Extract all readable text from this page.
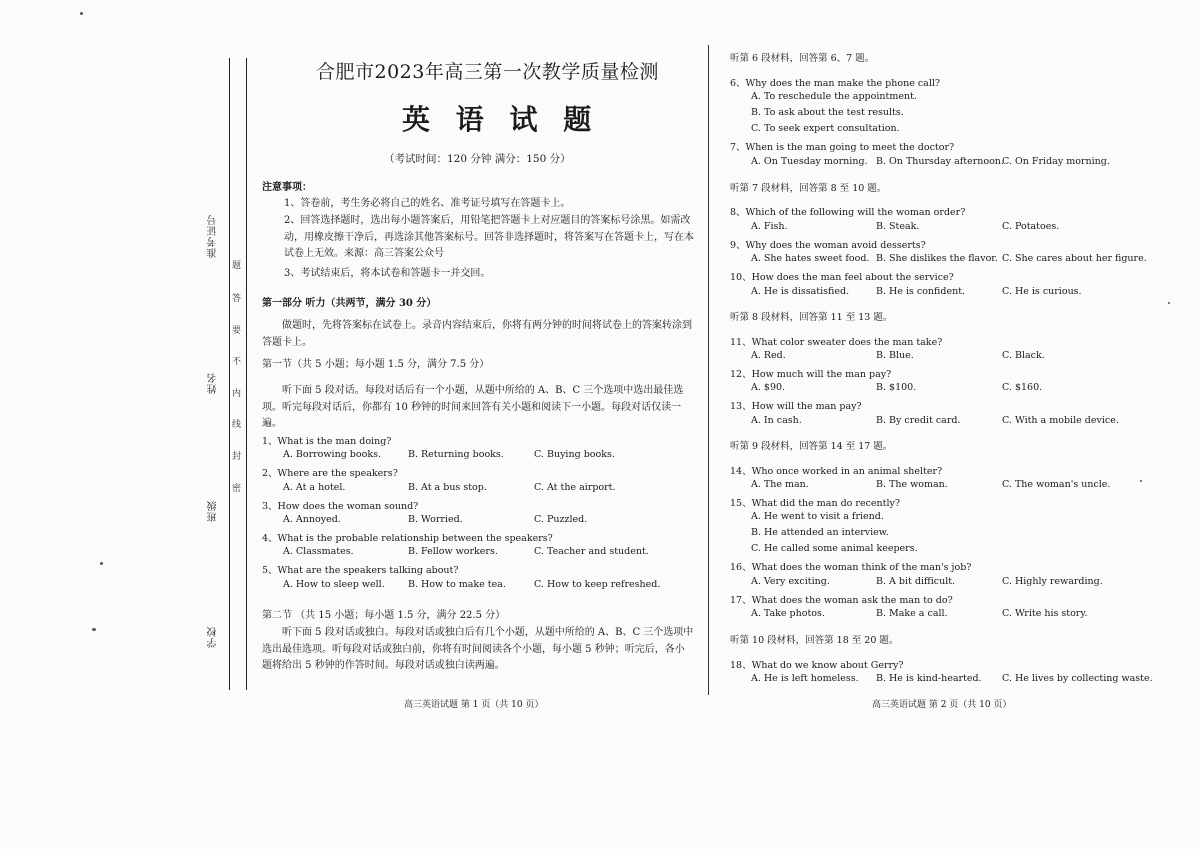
准考证号
姓名
班级
学校
题
答
要
不
内
线
封
密
合肥市2023年高三第一次教学质量检测
英 语 试 题
（考试时间：120 分钟 满分：150 分）
注意事项：
1、答卷前，考生务必将自己的姓名、准考证号填写在答题卡上。
2、回答选择题时，选出每小题答案后，用铅笔把答题卡上对应题目的答案标号涂黑。如需改动，用橡皮擦干净后，再选涂其他答案标号。回答非选择题时，将答案写在答题卡上，写在本试卷上无效。来源：高三答案公众号
3、考试结束后，将本试卷和答题卡一并交回。
第一部分 听力（共两节，满分 30 分）
做题时，先将答案标在试卷上。录音内容结束后，你将有两分钟的时间将试卷上的答案转涂到答题卡上。
第一节（共 5 小题；每小题 1.5 分，满分 7.5 分）
听下面 5 段对话。每段对话后有一个小题，从题中所给的 A、B、C 三个选项中选出最佳选项。听完每段对话后，你都有 10 秒钟的时间来回答有关小题和阅读下一小题。每段对话仅读一遍。
1、What is the man doing?
A. Borrowing books.	B. Returning books.	C. Buying books.
2、Where are the speakers?
A. At a hotel.	B. At a bus stop.	C. At the airport.
3、How does the woman sound?
A. Annoyed.	B. Worried.	C. Puzzled.
4、What is the probable relationship between the speakers?
A. Classmates.	B. Fellow workers.	C. Teacher and student.
5、What are the speakers talking about?
A. How to sleep well. B. How to make tea.	C. How to keep refreshed.
第二节 （共 15 小题；每小题 1.5 分，满分 22.5 分）
听下面 5 段对话或独白。每段对话或独白后有几个小题，从题中所给的 A、B、C 三个选项中选出最佳选项。听每段对话或独白前，你将有时间阅读各个小题，每小题 5 秒钟；听完后，各小题将给出 5 秒钟的作答时间。每段对话或独白读两遍。
高三英语试题 第 1 页（共 10 页）
听第 6 段材料，回答第 6、7 题。
6、Why does the man make the phone call?
A. To reschedule the appointment.
B. To ask about the test results.
C. To seek expert consultation.
7、When is the man going to meet the doctor?
A. On Tuesday morning. B. On Thursday afternoon.
C. On Friday morning.
听第 7 段材料，回答第 8 至 10 题。
8、Which of the following will the woman order?
A. Fish.	B. Steak.	C. Potatoes.
9、Why does the woman avoid desserts?
A. She hates sweet food. B. She dislikes the flavor. C. She cares about her figure.
10、How does the man feel about the service?
A. He is dissatisfied.	B. He is confident.	C. He is curious.
听第 8 段材料，回答第 11 至 13 题。
11、What color sweater does the man take?
A. Red.	B. Blue.	C. Black.
12、How much will the man pay?
A. $90.	B. $100.	C. $160.
13、How will the man pay?
A. In cash.	B. By credit card.	C. With a mobile device.
听第 9 段材料，回答第 14 至 17 题。
14、Who once worked in an animal shelter?
A. The man.	B. The woman.	C. The woman's uncle.
15、What did the man do recently?
A. He went to visit a friend.
B. He attended an interview.
C. He called some animal keepers.
16、What does the woman think of the man's job?
A. Very exciting.	B. A bit difficult.	C. Highly rewarding.
17、What does the woman ask the man to do?
A. Take photos.	B. Make a call.	C. Write his story.
听第 10 段材料，回答第 18 至 20 题。
18、What do we know about Gerry?
A. He is left homeless. B. He is kind-hearted. C. He lives by collecting waste.
高三英语试题 第 2 页（共 10 页）
